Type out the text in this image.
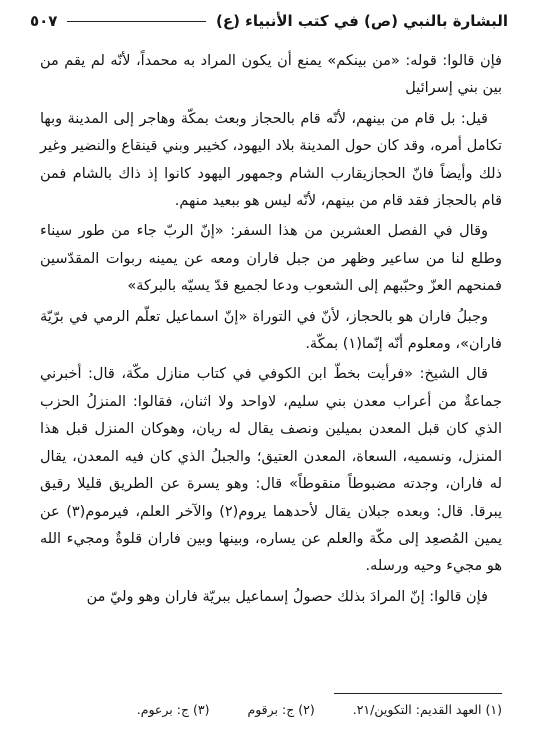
البشارة بالنبي (ص) في كتب الأنبياء (ع)
٥٠٧

فإن قالوا: قوله: «من بينكم» يمنع أن يكون المراد به محمداً، لأنّه لم يقم من بين بني إسرائيل

قيل: بل قام من بينهم، لأنّه قام بالحجاز وبعث بمكّة وهاجر إلى المدينة وبها تكامل أمره، وقد كان حول المدينة بلاد اليهود، كخيبر وبني قينقاع والنضير وغير ذلك وأيضاً فانّ الحجازيقارب الشام وجمهور اليهود كانوا إذ ذاك بالشام فمن قام بالحجاز فقد قام من بينهم، لأنّه ليس هو ببعيد منهم.

وقال في الفصل العشرين من هذا السفر: «إنّ الربّ جاء من طور سيناء وطلع لنا من ساعير وظهر من جبل فاران ومعه عن يمينه ربوات المقدّسين فمنحهم العزّ وحبّبهم إلى الشعوب ودعا لجميع قدّ يسيّه بالبركة»

وجبلُ فاران هو بالحجاز، لأنّ في التوراة «إنّ اسماعيل تعلّم الرمي في برّيّة فاران»، ومعلوم أنّه إنّما(١) بمكّة.

قال الشيخ: «فرأيت بخطّ ابن الكوفي في كتاب منازل مكّة، قال: أخبرني جماعةٌ من أعراب معدن بني سليم، لاواحد ولا اثنان، فقالوا: المنزلُ الحزب الذي كان قبل المعدن بميلين ونصف يقال له ريان، وهوكان المنزل قبل هذا المنزل، ونسميه، السعاة، المعدن العتيق؛ والجبلُ الذي كان فيه المعدن، يقال له فاران، وجدته مضبوطاً منقوطاً» قال: وهو يسرة عن الطريق قليلا رقيق يبرقا. قال: وبعده جبلان يقال لأحدهما يروم(٢) والآخر العلم، فيرموم(٣) عن يمين المُصعِد إلى مكّة والعلم عن يساره، وبينها وبين فاران قلوةٌ ومجيء الله هو مجيء وحيه ورسله.

فإن قالوا: إنّ المرادَ بذلك حصولُ إسماعيل ببريّة فاران وهو وليّ من

(١) العهد القديم: التكوين/٢١.
(٢) ج: برقوم
(٣) ج: برعوم.
